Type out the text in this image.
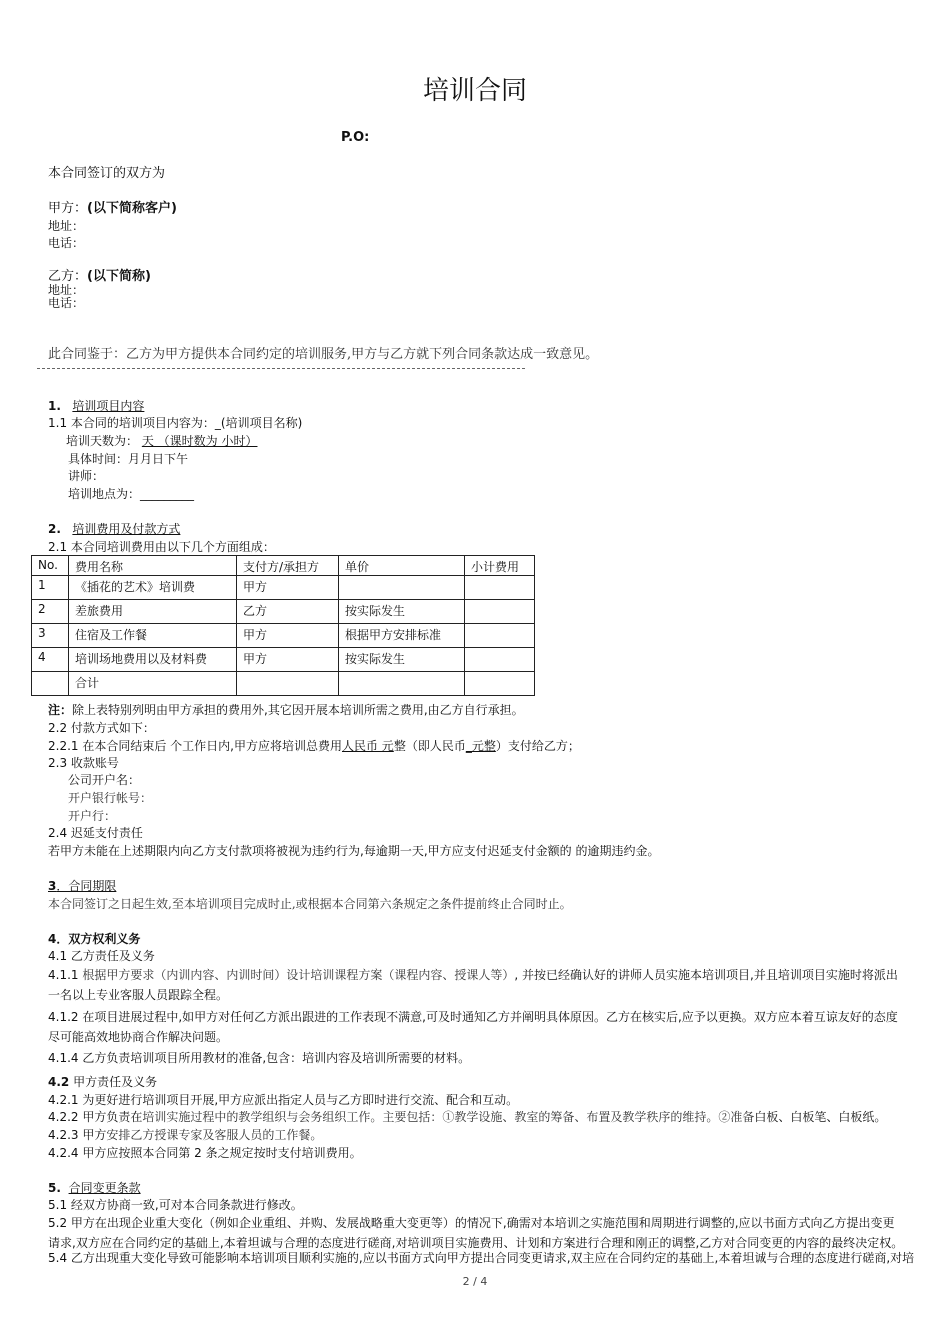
培训合同
P.O:
本合同签订的双方为
甲方：(以下简称客户)
地址：
电话：
乙方：(以下简称)
地址：
电话：
此合同鉴于：乙方为甲方提供本合同约定的培训服务,甲方与乙方就下列合同条款达成一致意见。
1. 培训项目内容
1.1 本合同的培训项目内容为：_(培训项目名称)
培训天数为： 天 （课时数为 小时）
具体时间：月月日下午
讲师：
培训地点为：_________
2. 培训费用及付款方式
2.1 本合同培训费用由以下几个方面组成：
No.	费用名称	支付方/承担方	单价	小计费用
1	《插花的艺术》培训费	甲方		
2	差旅费用	乙方	按实际发生	
3	住宿及工作餐	甲方	根据甲方安排标准	
4	培训场地费用以及材料费	甲方	按实际发生	
	合计			
注：除上表特别列明由甲方承担的费用外,其它因开展本培训所需之费用,由乙方自行承担。
2.2 付款方式如下：
2.2.1 在本合同结束后 个工作日内,甲方应将培训总费用人民币 元整（即人民币_元整）支付给乙方；
2.3 收款账号
公司开户名：
开户银行帐号：
开户行：
2.4 迟延支付责任
若甲方未能在上述期限内向乙方支付款项将被视为违约行为,每逾期一天,甲方应支付迟延支付金额的 的逾期违约金。
3．合同期限
本合同签订之日起生效,至本培训项目完成时止,或根据本合同第六条规定之条件提前终止合同时止。
4．双方权利义务
4.1 乙方责任及义务
4.1.1 根据甲方要求（内训内容、内训时间）设计培训课程方案（课程内容、授课人等）, 并按已经确认好的讲师人员实施本培训项目,并且培训项目实施时将派出一名以上专业客服人员跟踪全程。
4.1.2 在项目进展过程中,如甲方对任何乙方派出跟进的工作表现不满意,可及时通知乙方并阐明具体原因。乙方在核实后,应予以更换。双方应本着互谅友好的态度尽可能高效地协商合作解决问题。
4.1.4 乙方负责培训项目所用教材的准备,包含：培训内容及培训所需要的材料。
4.2 甲方责任及义务
4.2.1 为更好进行培训项目开展,甲方应派出指定人员与乙方即时进行交流、配合和互动。
4.2.2 甲方负责在培训实施过程中的教学组织与会务组织工作。主要包括：①教学设施、教室的筹备、布置及教学秩序的维持。②准备白板、白板笔、白板纸。
4.2.3 甲方安排乙方授课专家及客服人员的工作餐。
4.2.4 甲方应按照本合同第 2 条之规定按时支付培训费用。
5. 合同变更条款
5.1 经双方协商一致,可对本合同条款进行修改。
5.2 甲方在出现企业重大变化（例如企业重组、并购、发展战略重大变更等）的情况下,确需对本培训之实施范围和周期进行调整的,应以书面方式向乙方提出变更请求,双方应在合同约定的基础上,本着坦诚与合理的态度进行磋商,对培训项目实施费用、计划和方案进行合理和刚正的调整,乙方对合同变更的内容的最终决定权。
5.4 乙方出现重大变化导致可能影响本培训项目顺利实施的,应以书面方式向甲方提出合同变更请求,双主应在合同约定的基础上,本着坦诚与合理的态度进行磋商,对培
2 / 4
